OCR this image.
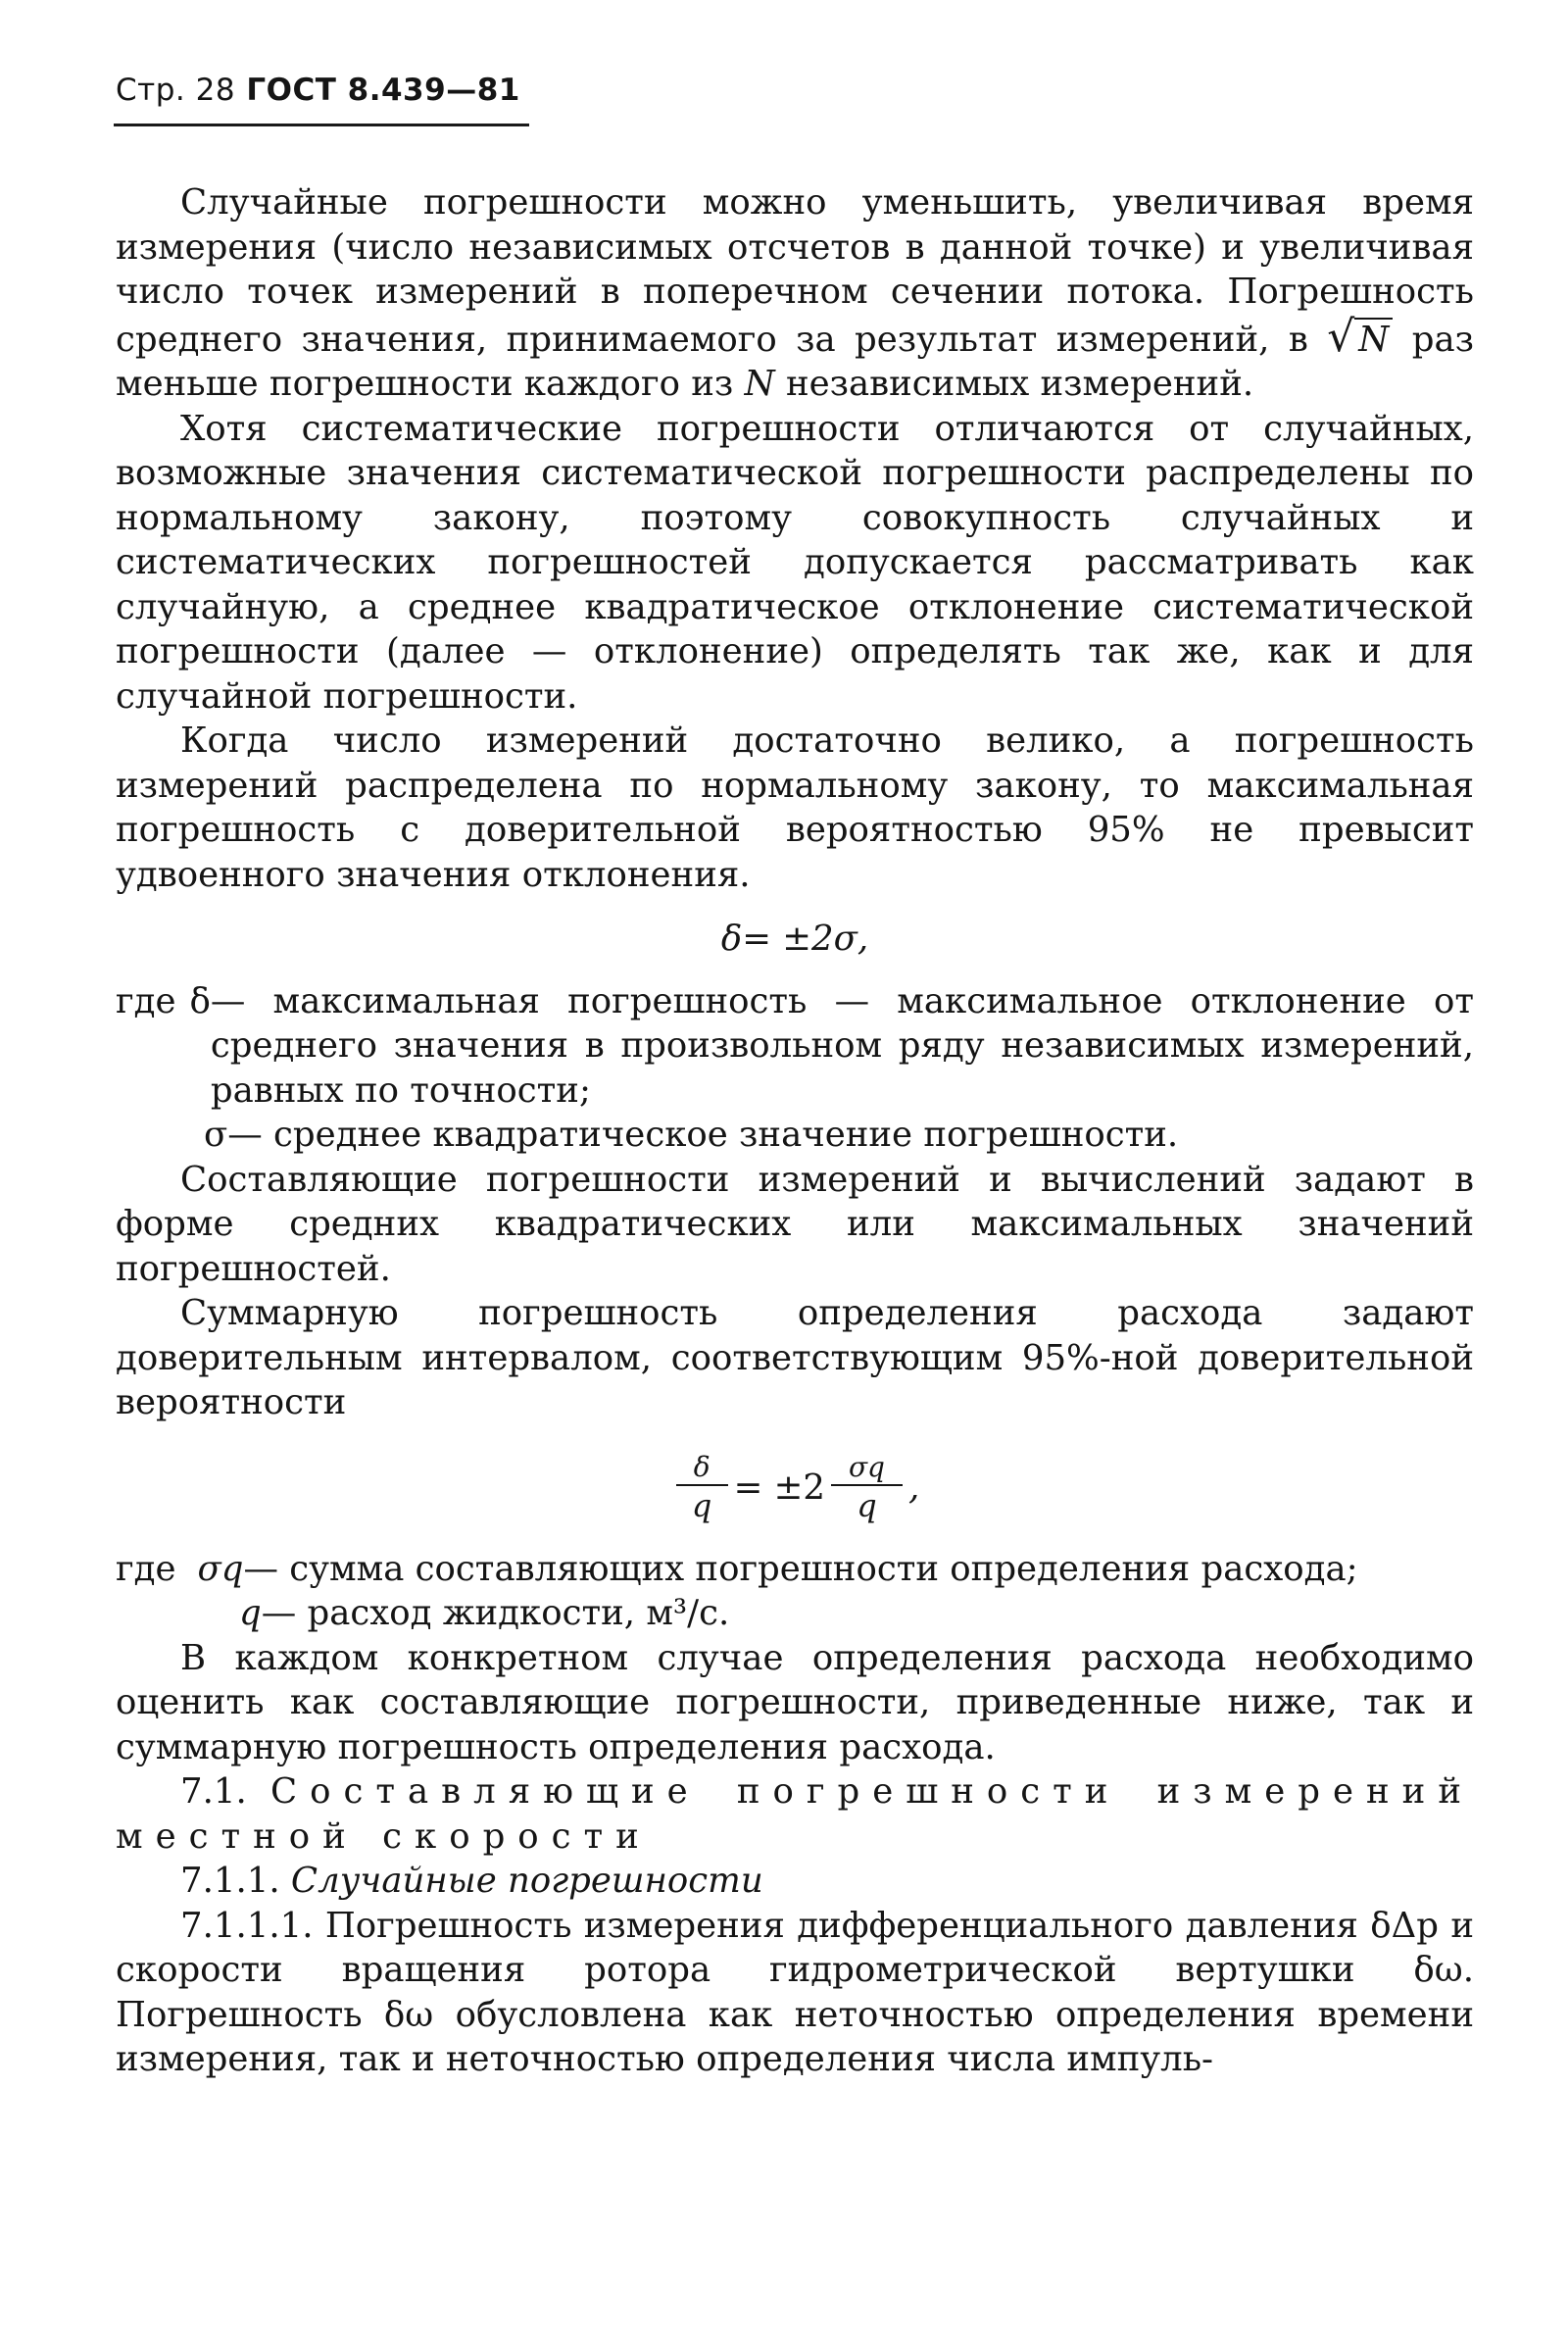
Стр. 28 ГОСТ 8.439—81

Случайные погрешности можно уменьшить, увеличивая время измерения (число независимых отсчетов в данной точке) и увеличивая число точек измерений в поперечном сечении потока. Погрешность среднего значения, принимаемого за результат измерений, в √ N раз меньше погрешности каждого из N независимых измерений.

Хотя систематические погрешности отличаются от случайных, возможные значения систематической погрешности распределены по нормальному закону, поэтому совокупность случайных и систематических погрешностей допускается рассматривать как случайную, а среднее квадратическое отклонение систематической погрешности (далее — отклонение) определять так же, как и для случайной погрешности.

Когда число измерений достаточно велико, а погрешность измерений распределена по нормальному закону, то максимальная погрешность с доверительной вероятностью 95% не превысит удвоенного значения отклонения.

δ= ±2σ,
где δ — максимальная погрешность — максимальное отклонение от среднего значения в произвольном ряду независимых измерений, равных по точности;
σ — среднее квадратическое значение погрешности.

Составляющие погрешности измерений и вычислений задают в форме средних квадратических или максимальных значений погрешностей.

Суммарную погрешность определения расхода задают доверительным интервалом, соответствующим 95%-ной доверительной вероятности

$\frac{\delta}{q} = \pm 2 \frac{\sigma q}{q}$ ,
где σq — сумма составляющих погрешности определения расхода;
q — расход жидкости, м³/с.

В каждом конкретном случае определения расхода необходимо оценить как составляющие погрешности, приведенные ниже, так и суммарную погрешность определения расхода.

7.1. Составляющие погрешности измерений местной скорости

7.1.1. Случайные погрешности

7.1.1.1. Погрешность измерения дифференциального давления δΔp и скорости вращения ротора гидрометрической вертушки δω. Погрешность δω обусловлена как неточностью определения времени измерения, так и неточностью определения числа импуль-
